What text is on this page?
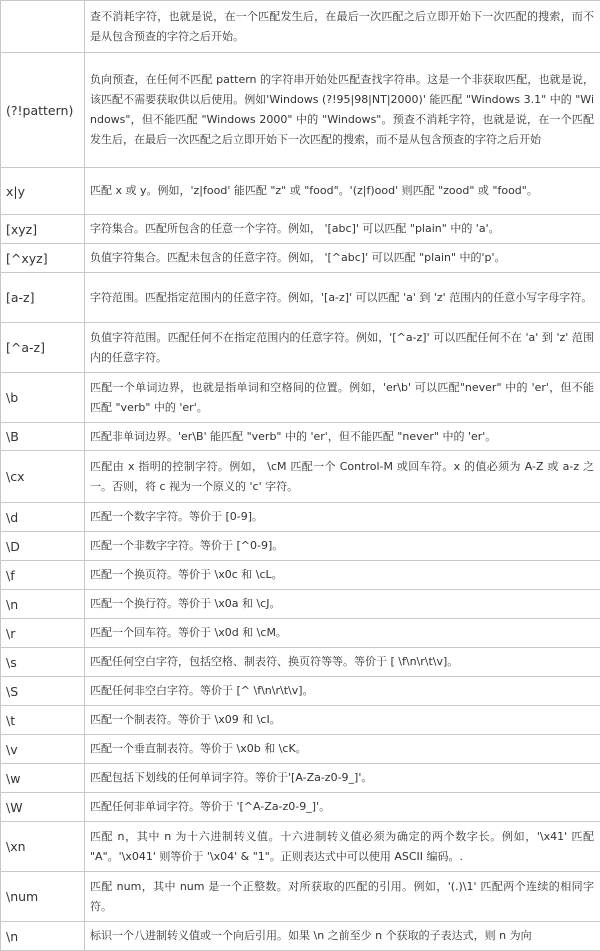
	查不消耗字符，也就是说，在一个匹配发生后，在最后一次匹配之后立即开始下一次匹配的搜索，而不是从包含预查的字符之后开始。
(?!pattern)	负向预查，在任何不匹配 pattern 的字符串开始处匹配查找字符串。这是一个非获取匹配，也就是说，该匹配不需要获取供以后使用。例如'Windows (?!95|98|NT|2000)' 能匹配 "Windows 3.1" 中的 "Windows"，但不能匹配 "Windows 2000" 中的 "Windows"。预查不消耗字符，也就是说，在一个匹配发生后，在最后一次匹配之后立即开始下一次匹配的搜索，而不是从包含预查的字符之后开始
x|y	匹配 x 或 y。例如，'z|food' 能匹配 "z" 或 "food"。'(z|f)ood' 则匹配 "zood" 或 "food"。
[xyz]	字符集合。匹配所包含的任意一个字符。例如， '[abc]' 可以匹配 "plain" 中的 'a'。
[^xyz]	负值字符集合。匹配未包含的任意字符。例如， '[^abc]' 可以匹配 "plain" 中的'p'。
[a-z]	字符范围。匹配指定范围内的任意字符。例如，'[a-z]' 可以匹配 'a' 到 'z' 范围内的任意小写字母字符。
[^a-z]	负值字符范围。匹配任何不在指定范围内的任意字符。例如，'[^a-z]' 可以匹配任何不在 'a' 到 'z' 范围内的任意字符。
\b	匹配一个单词边界，也就是指单词和空格间的位置。例如，'er\b' 可以匹配"never" 中的 'er'，但不能匹配 "verb" 中的 'er'。
\B	匹配非单词边界。'er\B' 能匹配 "verb" 中的 'er'，但不能匹配 "never" 中的 'er'。
\cx	匹配由 x 指明的控制字符。例如， \cM 匹配一个 Control-M 或回车符。x 的值必须为 A-Z 或 a-z 之一。否则，将 c 视为一个原义的 'c' 字符。
\d	匹配一个数字字符。等价于 [0-9]。
\D	匹配一个非数字字符。等价于 [^0-9]。
\f	匹配一个换页符。等价于 \x0c 和 \cL。
\n	匹配一个换行符。等价于 \x0a 和 \cJ。
\r	匹配一个回车符。等价于 \x0d 和 \cM。
\s	匹配任何空白字符，包括空格、制表符、换页符等等。等价于 [ \f\n\r\t\v]。
\S	匹配任何非空白字符。等价于 [^ \f\n\r\t\v]。
\t	匹配一个制表符。等价于 \x09 和 \cI。
\v	匹配一个垂直制表符。等价于 \x0b 和 \cK。
\w	匹配包括下划线的任何单词字符。等价于'[A-Za-z0-9_]'。
\W	匹配任何非单词字符。等价于 '[^A-Za-z0-9_]'。
\xn	匹配 n，其中 n 为十六进制转义值。十六进制转义值必须为确定的两个数字长。例如，'\x41' 匹配 "A"。'\x041' 则等价于 '\x04' & "1"。正则表达式中可以使用 ASCII 编码。.
\num	匹配 num，其中 num 是一个正整数。对所获取的匹配的引用。例如，'(.)\1' 匹配两个连续的相同字符。
\n	标识一个八进制转义值或一个向后引用。如果 \n 之前至少 n 个获取的子表达式，则 n 为向
